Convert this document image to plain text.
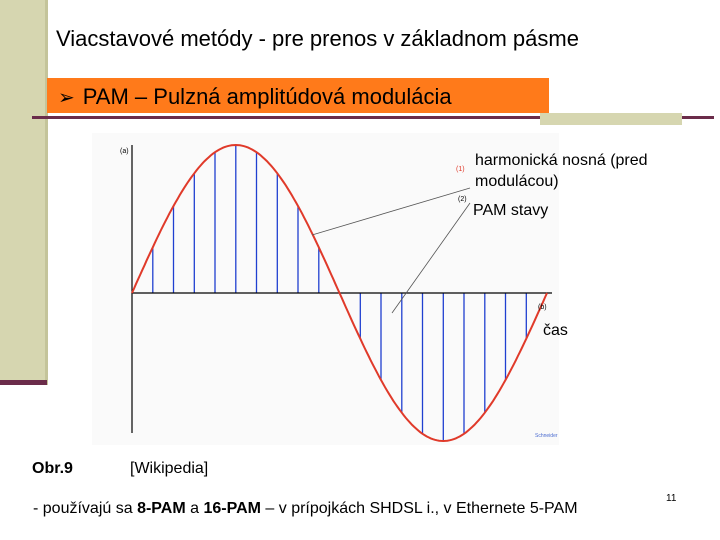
Viacstavové metódy - pre prenos v základnom pásme
➢ PAM – Pulzná amplitúdová modulácia
(a)
(b)
(1)
(2)
Schneider
harmonická nosná (pred
modulácou)
PAM stavy
čas
Obr.9	[Wikipedia]
- používajú sa 8-PAM a 16-PAM – v prípojkách SHDSL i., v Ethernete 5-PAM
11
